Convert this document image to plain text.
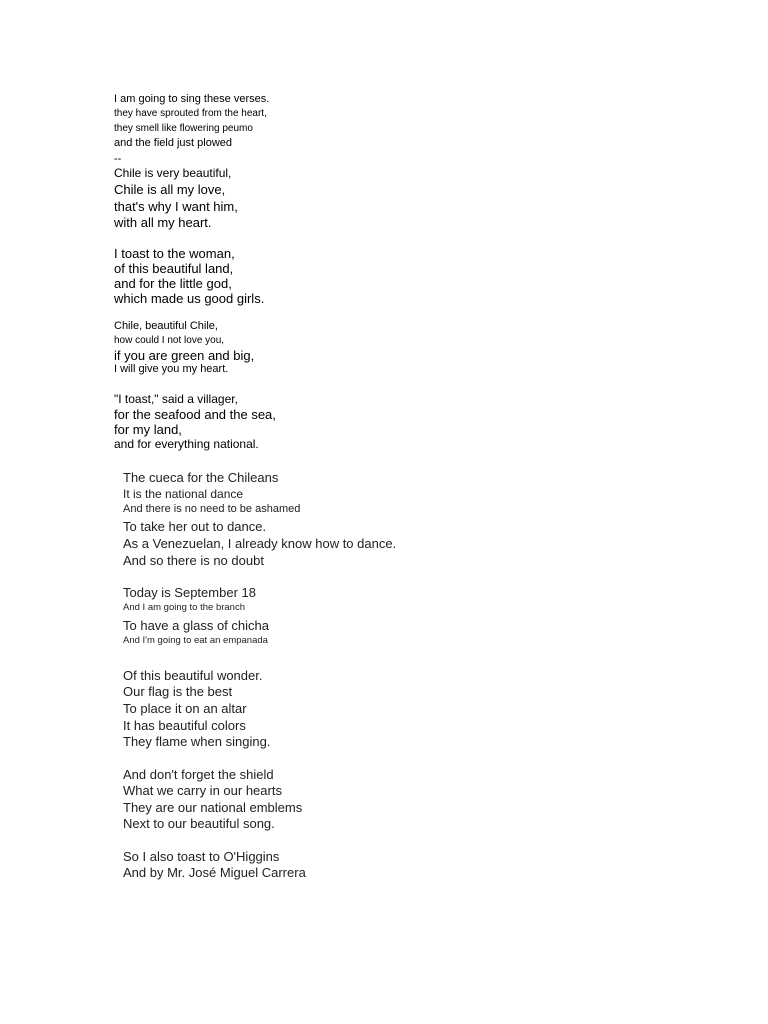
I am going to sing these verses.
they have sprouted from the heart,
they smell like flowering peumo
and the field just plowed
--
Chile is very beautiful,
Chile is all my love,
that's why I want him,
with all my heart.
I toast to the woman,
of this beautiful land,
and for the little god,
which made us good girls.
Chile, beautiful Chile,
how could I not love you,
if you are green and big,
I will give you my heart.
"I toast," said a villager,
for the seafood and the sea,
for my land,
and for everything national.
The cueca for the Chileans
It is the national dance
And there is no need to be ashamed
To take her out to dance.
As a Venezuelan, I already know how to dance.
And so there is no doubt
Today is September 18
And I am going to the branch
To have a glass of chicha
And I'm going to eat an empanada
Of this beautiful wonder.
Our flag is the best
To place it on an altar
It has beautiful colors
They flame when singing.
And don't forget the shield
What we carry in our hearts
They are our national emblems
Next to our beautiful song.
So I also toast to O'Higgins
And by Mr. José Miguel Carrera
